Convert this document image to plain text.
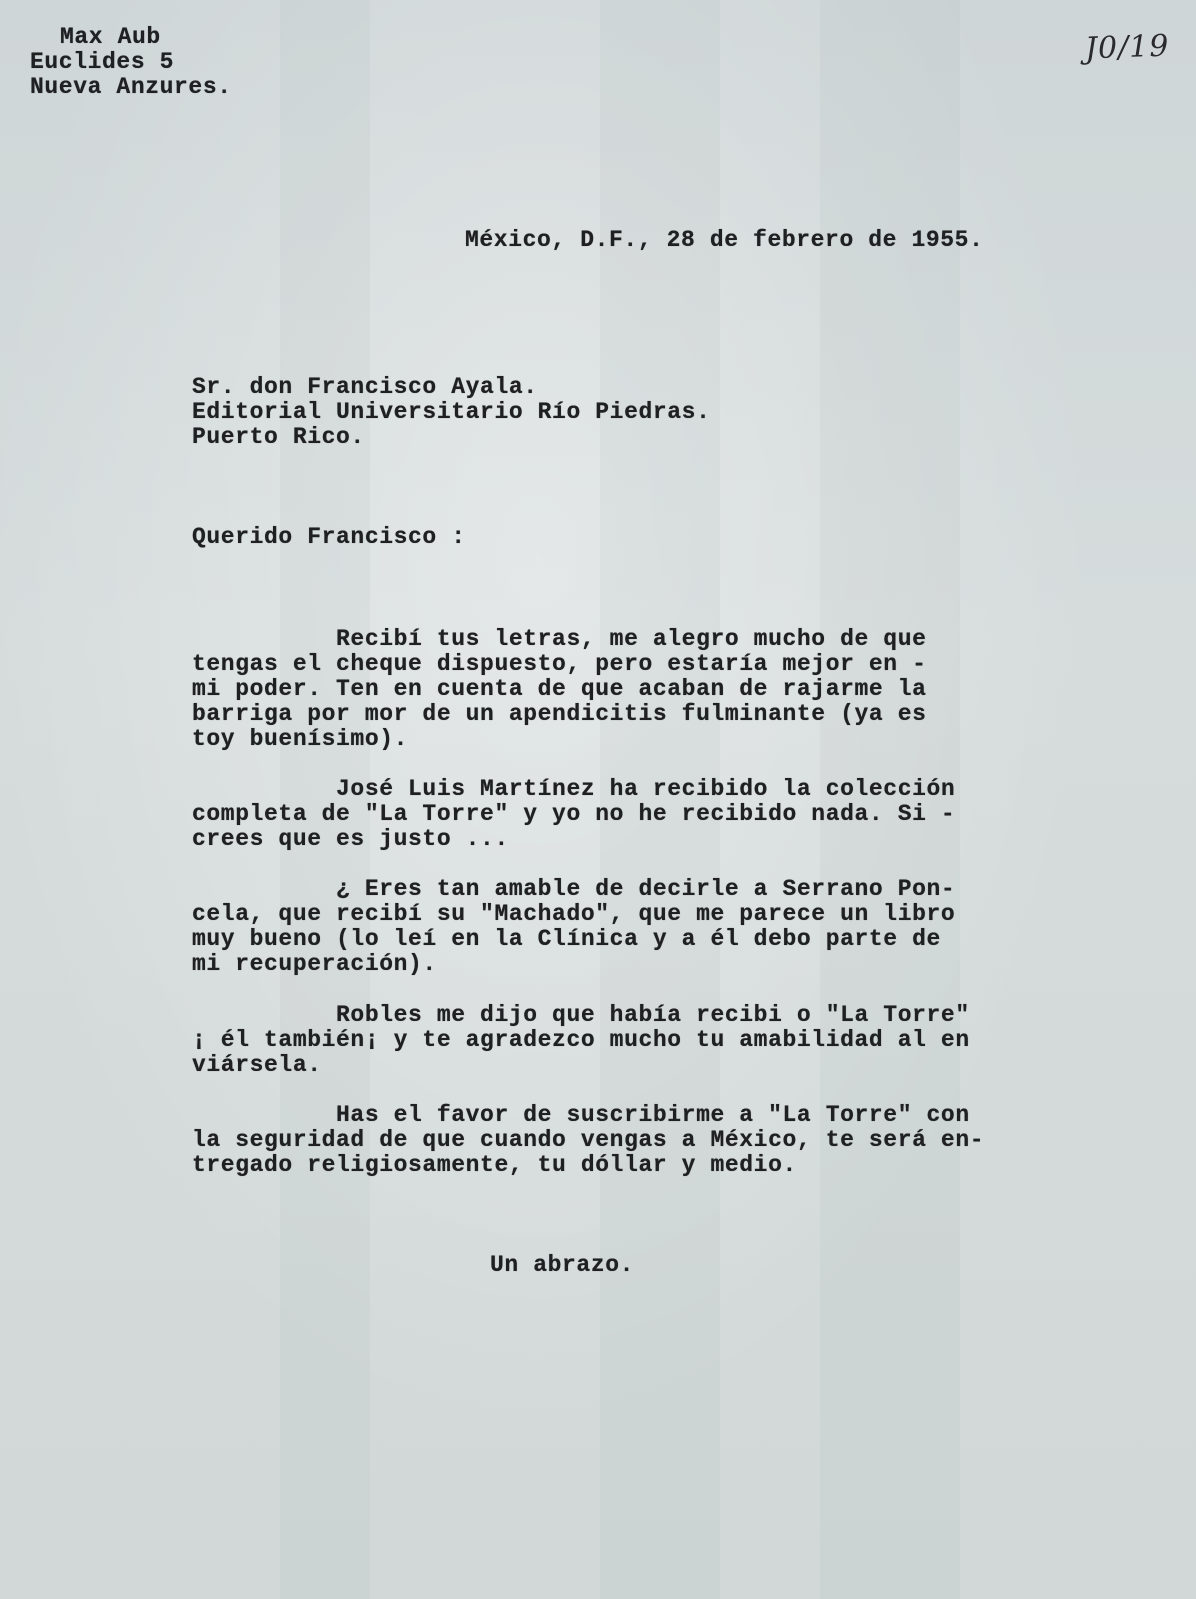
Max Aub
Euclides 5
Nueva Anzures.
J0/19
México, D.F., 28 de febrero de 1955.
Sr. don Francisco Ayala.
Editorial Universitario Río Piedras.
Puerto Rico.
Querido Francisco :
Recibí tus letras, me alegro mucho de que
tengas el cheque dispuesto, pero estaría mejor en -
mi poder. Ten en cuenta de que acaban de rajarme la
barriga por mor de un apendicitis fulminante (ya es
toy buenísimo).
José Luis Martínez ha recibido la colección
completa de "La Torre" y yo no he recibido nada. Si -
crees que es justo ...
¿ Eres tan amable de decirle a Serrano Pon-
cela, que recibí su "Machado", que me parece un libro
muy bueno (lo leí en la Clínica y a él debo parte de
mi recuperación).
Robles me dijo que había recibi o "La Torre"
¡ él también¡ y te agradezco mucho tu amabilidad al en
viársela.
Has el favor de suscribirme a "La Torre" con
la seguridad de que cuando vengas a México, te será en-
tregado religiosamente, tu dóllar y medio.
Un abrazo.
